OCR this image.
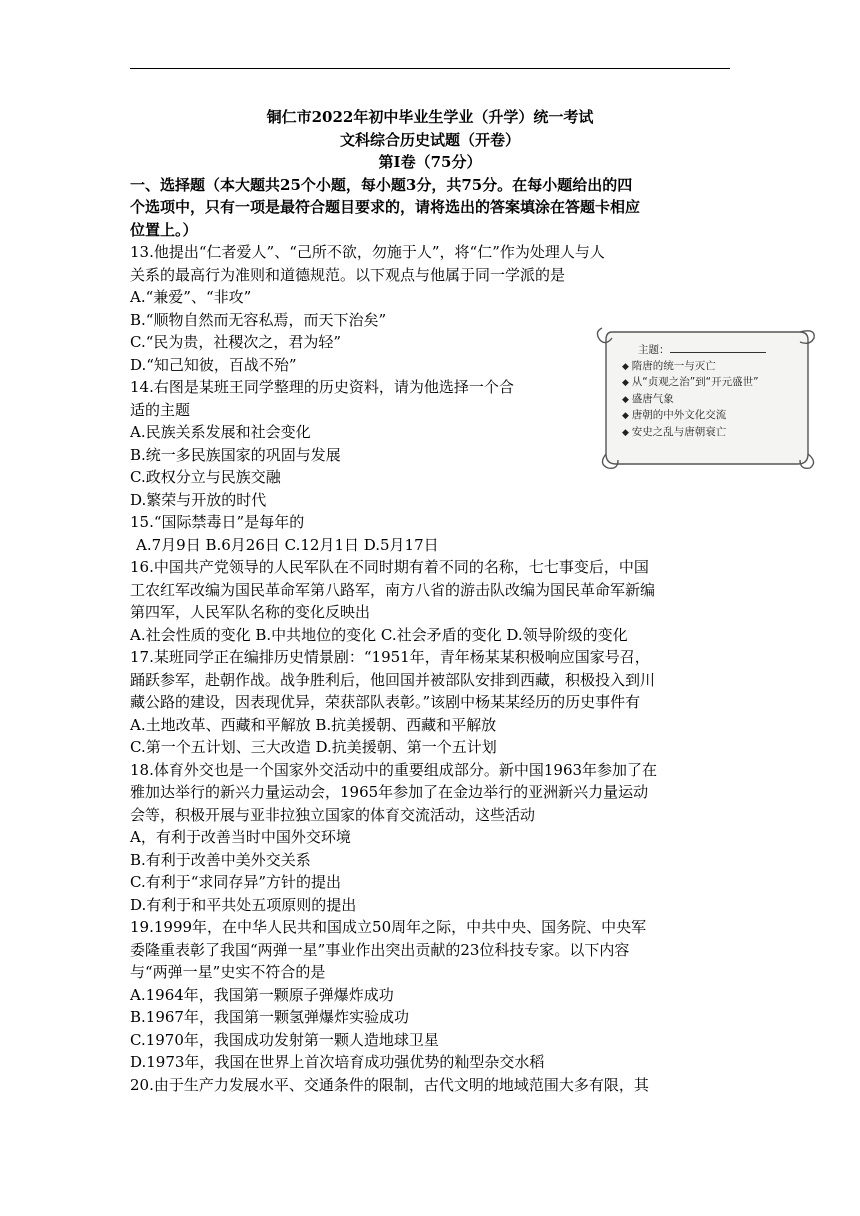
铜仁市2022年初中毕业生学业（升学）统一考试
文科综合历史试题（开卷）
第Ⅰ卷（75分）
一、选择题（本大题共25个小题，每小题3分，共75分。在每小题给出的四
个选项中，只有一项是最符合题目要求的，请将选出的答案填涂在答题卡相应
位置上。）
13.他提出“仁者爱人”、“己所不欲，勿施于人”，将“仁”作为处理人与人
关系的最高行为准则和道德规范。以下观点与他属于同一学派的是
A.“兼爱”、“非攻”
B.“顺物自然而无容私焉，而天下治矣”
C.“民为贵，社稷次之，君为轻”
D.“知己知彼，百战不殆”
14.右图是某班王同学整理的历史资料，请为他选择一个合
适的主题
A.民族关系发展和社会变化
B.统一多民族国家的巩固与发展
C.政权分立与民族交融
D.繁荣与开放的时代
15.“国际禁毒日”是每年的
A.7月9日 B.6月26日 C.12月1日 D.5月17日
16.中国共产党领导的人民军队在不同时期有着不同的名称，七七事变后，中国
工农红军改编为国民革命军第八路军，南方八省的游击队改编为国民革命军新编
第四军，人民军队名称的变化反映出
A.社会性质的变化 B.中共地位的变化 C.社会矛盾的变化 D.领导阶级的变化
17.某班同学正在编排历史情景剧：“1951年，青年杨某某积极响应国家号召，
踊跃参军，赴朝作战。战争胜利后，他回国并被部队安排到西藏，积极投入到川
藏公路的建设，因表现优异，荣获部队表彰。”该剧中杨某某经历的历史事件有
A.土地改革、西藏和平解放 B.抗美援朝、西藏和平解放
C.第一个五计划、三大改造 D.抗美援朝、第一个五计划
18.体育外交也是一个国家外交活动中的重要组成部分。新中国1963年参加了在
雅加达举行的新兴力量运动会，1965年参加了在金边举行的亚洲新兴力量运动
会等，积极开展与亚非拉独立国家的体育交流活动，这些活动
A，有利于改善当时中国外交环境
B.有利于改善中美外交关系
C.有利于“求同存异”方针的提出
D.有利于和平共处五项原则的提出
19.1999年，在中华人民共和国成立50周年之际，中共中央、国务院、中央军
委隆重表彰了我国“两弹一星”事业作出突出贡献的23位科技专家。以下内容
与“两弹一星”史实不符合的是
A.1964年，我国第一颗原子弹爆炸成功
B.1967年，我国第一颗氢弹爆炸实验成功
C.1970年，我国成功发射第一颗人造地球卫星
D.1973年，我国在世界上首次培育成功强优势的籼型杂交水稻
20.由于生产力发展水平、交通条件的限制，古代文明的地域范围大多有限，其
主题：
◆ 隋唐的统一与灭亡
◆ 从“贞观之治”到“开元盛世”
◆ 盛唐气象
◆ 唐朝的中外文化交流
◆ 安史之乱与唐朝衰亡
